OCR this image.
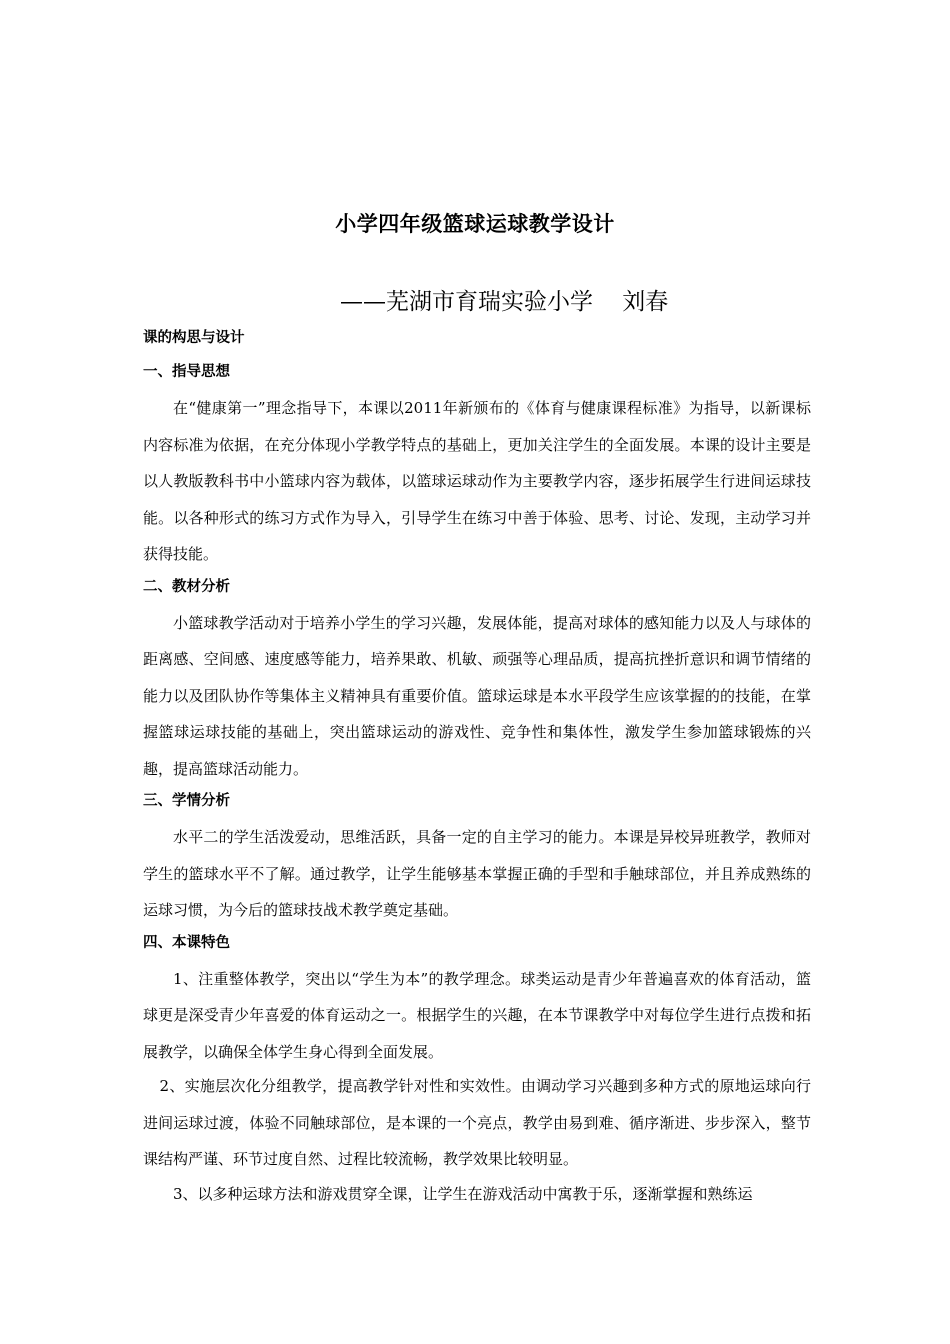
小学四年级篮球运球教学设计
——芜湖市育瑞实验小学    刘春
课的构思与设计
一、指导思想

在“健康第一”理念指导下，本课以2011年新颁布的《体育与健康课程标准》为指导，以新课标内容标准为依据，在充分体现小学教学特点的基础上，更加关注学生的全面发展。本课的设计主要是以人教版教科书中小篮球内容为载体，以篮球运球动作为主要教学内容，逐步拓展学生行进间运球技能。以各种形式的练习方式作为导入，引导学生在练习中善于体验、思考、讨论、发现，主动学习并获得技能。

二、教材分析

小篮球教学活动对于培养小学生的学习兴趣，发展体能，提高对球体的感知能力以及人与球体的距离感、空间感、速度感等能力，培养果敢、机敏、顽强等心理品质，提高抗挫折意识和调节情绪的能力以及团队协作等集体主义精神具有重要价值。篮球运球是本水平段学生应该掌握的的技能，在掌握篮球运球技能的基础上，突出篮球运动的游戏性、竞争性和集体性，激发学生参加篮球锻炼的兴趣，提高篮球活动能力。

三、学情分析

水平二的学生活泼爱动，思维活跃，具备一定的自主学习的能力。本课是异校异班教学，教师对学生的篮球水平不了解。通过教学，让学生能够基本掌握正确的手型和手触球部位，并且养成熟练的运球习惯，为今后的篮球技战术教学奠定基础。

四、本课特色

1、注重整体教学，突出以“学生为本”的教学理念。球类运动是青少年普遍喜欢的体育活动，篮球更是深受青少年喜爱的体育运动之一。根据学生的兴趣，在本节课教学中对每位学生进行点拨和拓展教学，以确保全体学生身心得到全面发展。

2、实施层次化分组教学，提高教学针对性和实效性。由调动学习兴趣到多种方式的原地运球向行进间运球过渡，体验不同触球部位，是本课的一个亮点，教学由易到难、循序渐进、步步深入，整节课结构严谨、环节过度自然、过程比较流畅，教学效果比较明显。

3、以多种运球方法和游戏贯穿全课，让学生在游戏活动中寓教于乐，逐渐掌握和熟练运
